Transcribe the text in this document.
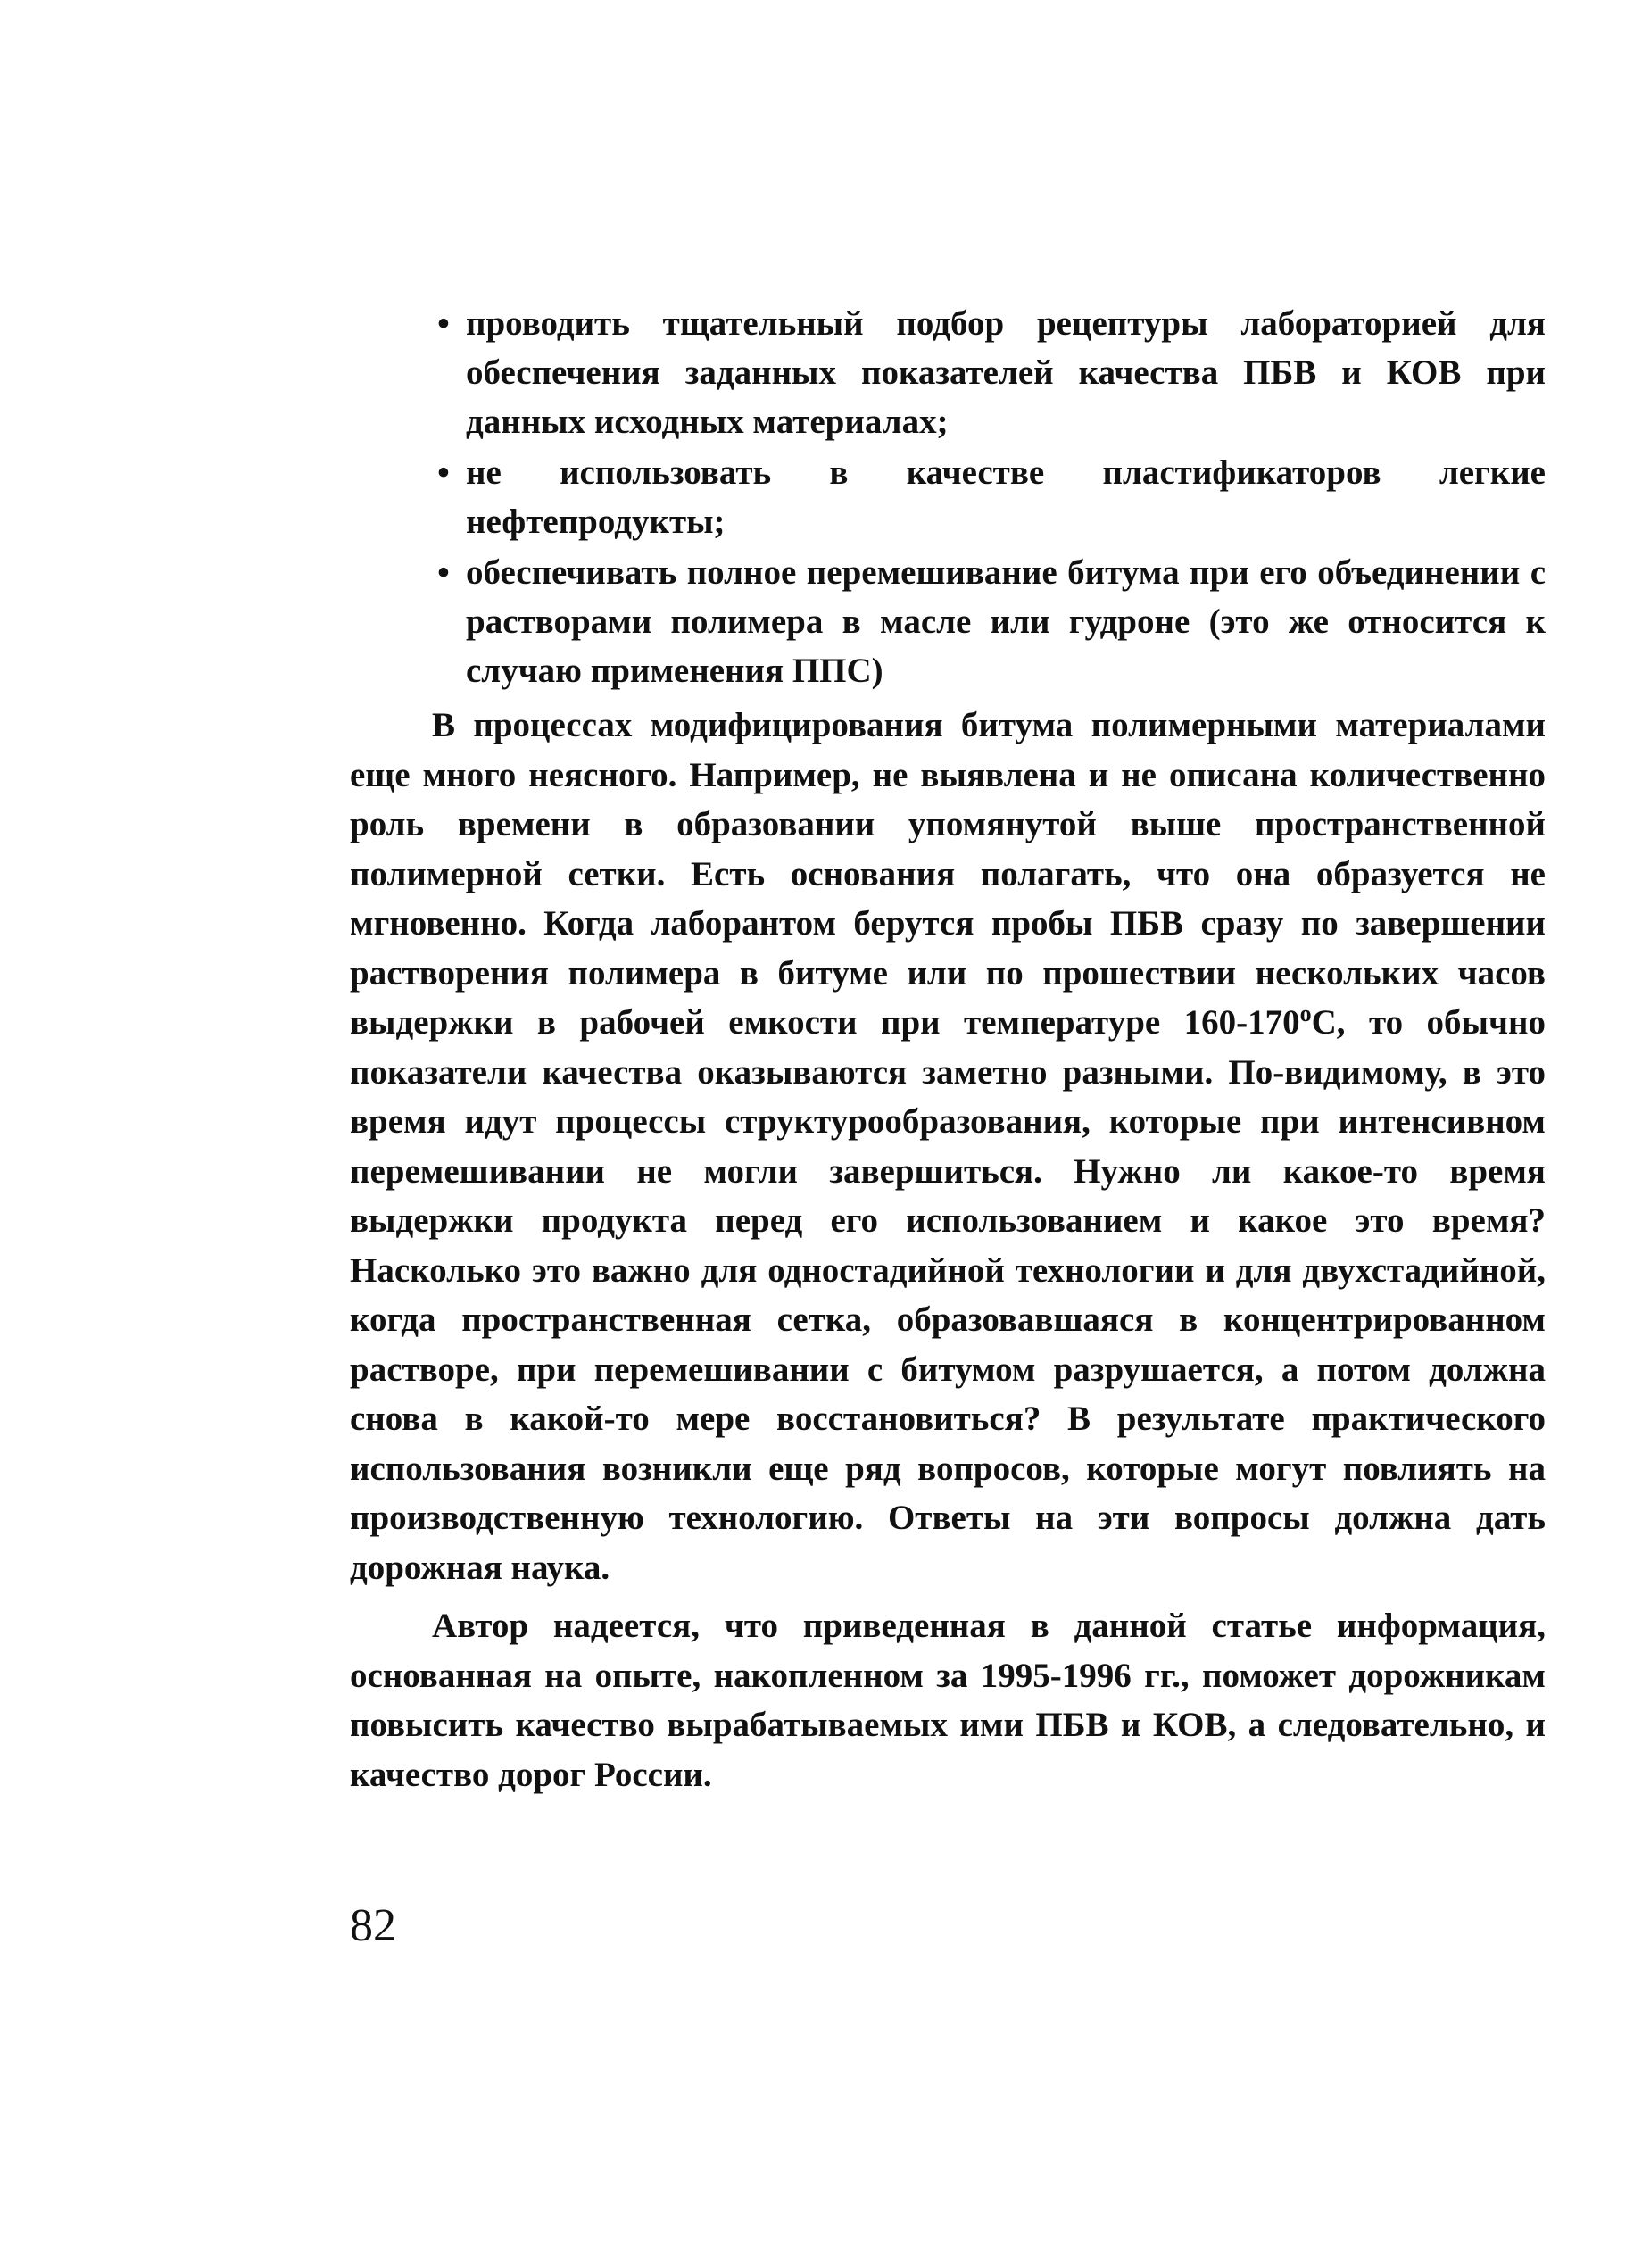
• проводить тщательный подбор рецептуры лабораторией для обеспечения заданных показателей качества ПБВ и КОВ при данных исходных материалах;
• не использовать в качестве пластификаторов легкие нефтепродукты;
• обеспечивать полное перемешивание битума при его объединении с растворами полимера в масле или гудроне (это же относится к случаю применения ППС)

В процессах модифицирования битума полимерными материалами еще много неясного. Например, не выявлена и не описана количественно роль времени в образовании упомянутой выше пространственной полимерной сетки. Есть основания полагать, что она образуется не мгновенно. Когда лаборантом берутся пробы ПБВ сразу по завершении растворения полимера в битуме или по прошествии нескольких часов выдержки в рабочей емкости при температуре $160-170^оС$, то обычно показатели качества оказываются заметно разными. По-видимому, в это время идут процессы структурообразования, которые при интенсивном перемешивании не могли завершиться. Нужно ли какое-то время выдержки продукта перед его использованием и какое это время? Насколько это важно для одностадийной технологии и для двухстадийной, когда пространственная сетка, образовавшаяся в концентрированном растворе, при перемешивании с битумом разрушается, а потом должна снова в какой-то мере восстановиться? В результате практического использования возникли еще ряд вопросов, которые могут повлиять на производственную технологию. Ответы на эти вопросы должна дать дорожная наука.

Автор надеется, что приведенная в данной статье информация, основанная на опыте, накопленном за 1995-1996 гг., поможет дорожникам повысить качество вырабатываемых ими ПБВ и КОВ, а следовательно, и качество дорог России.

82
